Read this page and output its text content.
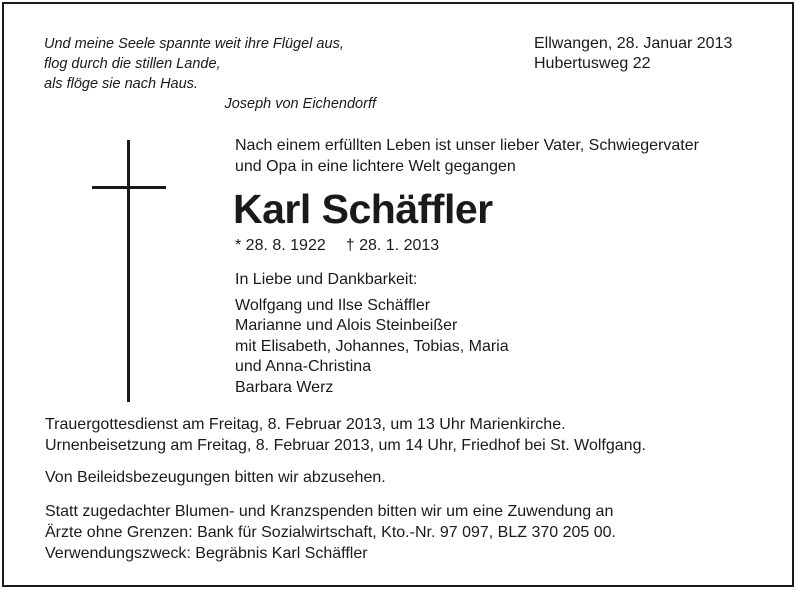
Und meine Seele spannte weit ihre Flügel aus,
flog durch die stillen Lande,
als flöge sie nach Haus.
Joseph von Eichendorff
Ellwangen, 28. Januar 2013
Hubertusweg 22
Nach einem erfüllten Leben ist unser lieber Vater, Schwiegervater
und Opa in eine lichtere Welt gegangen
Karl Schäffler
* 28. 8. 1922 † 28. 1. 2013
In Liebe und Dankbarkeit:
Wolfgang und Ilse Schäffler
Marianne und Alois Steinbeißer
mit Elisabeth, Johannes, Tobias, Maria
und Anna-Christina
Barbara Werz
Trauergottesdienst am Freitag, 8. Februar 2013, um 13 Uhr Marienkirche.
Urnenbeisetzung am Freitag, 8. Februar 2013, um 14 Uhr, Friedhof bei St. Wolfgang.
Von Beileidsbezeugungen bitten wir abzusehen.
Statt zugedachter Blumen- und Kranzspenden bitten wir um eine Zuwendung an
Ärzte ohne Grenzen: Bank für Sozialwirtschaft, Kto.-Nr. 97 097, BLZ 370 205 00.
Verwendungszweck: Begräbnis Karl Schäffler
